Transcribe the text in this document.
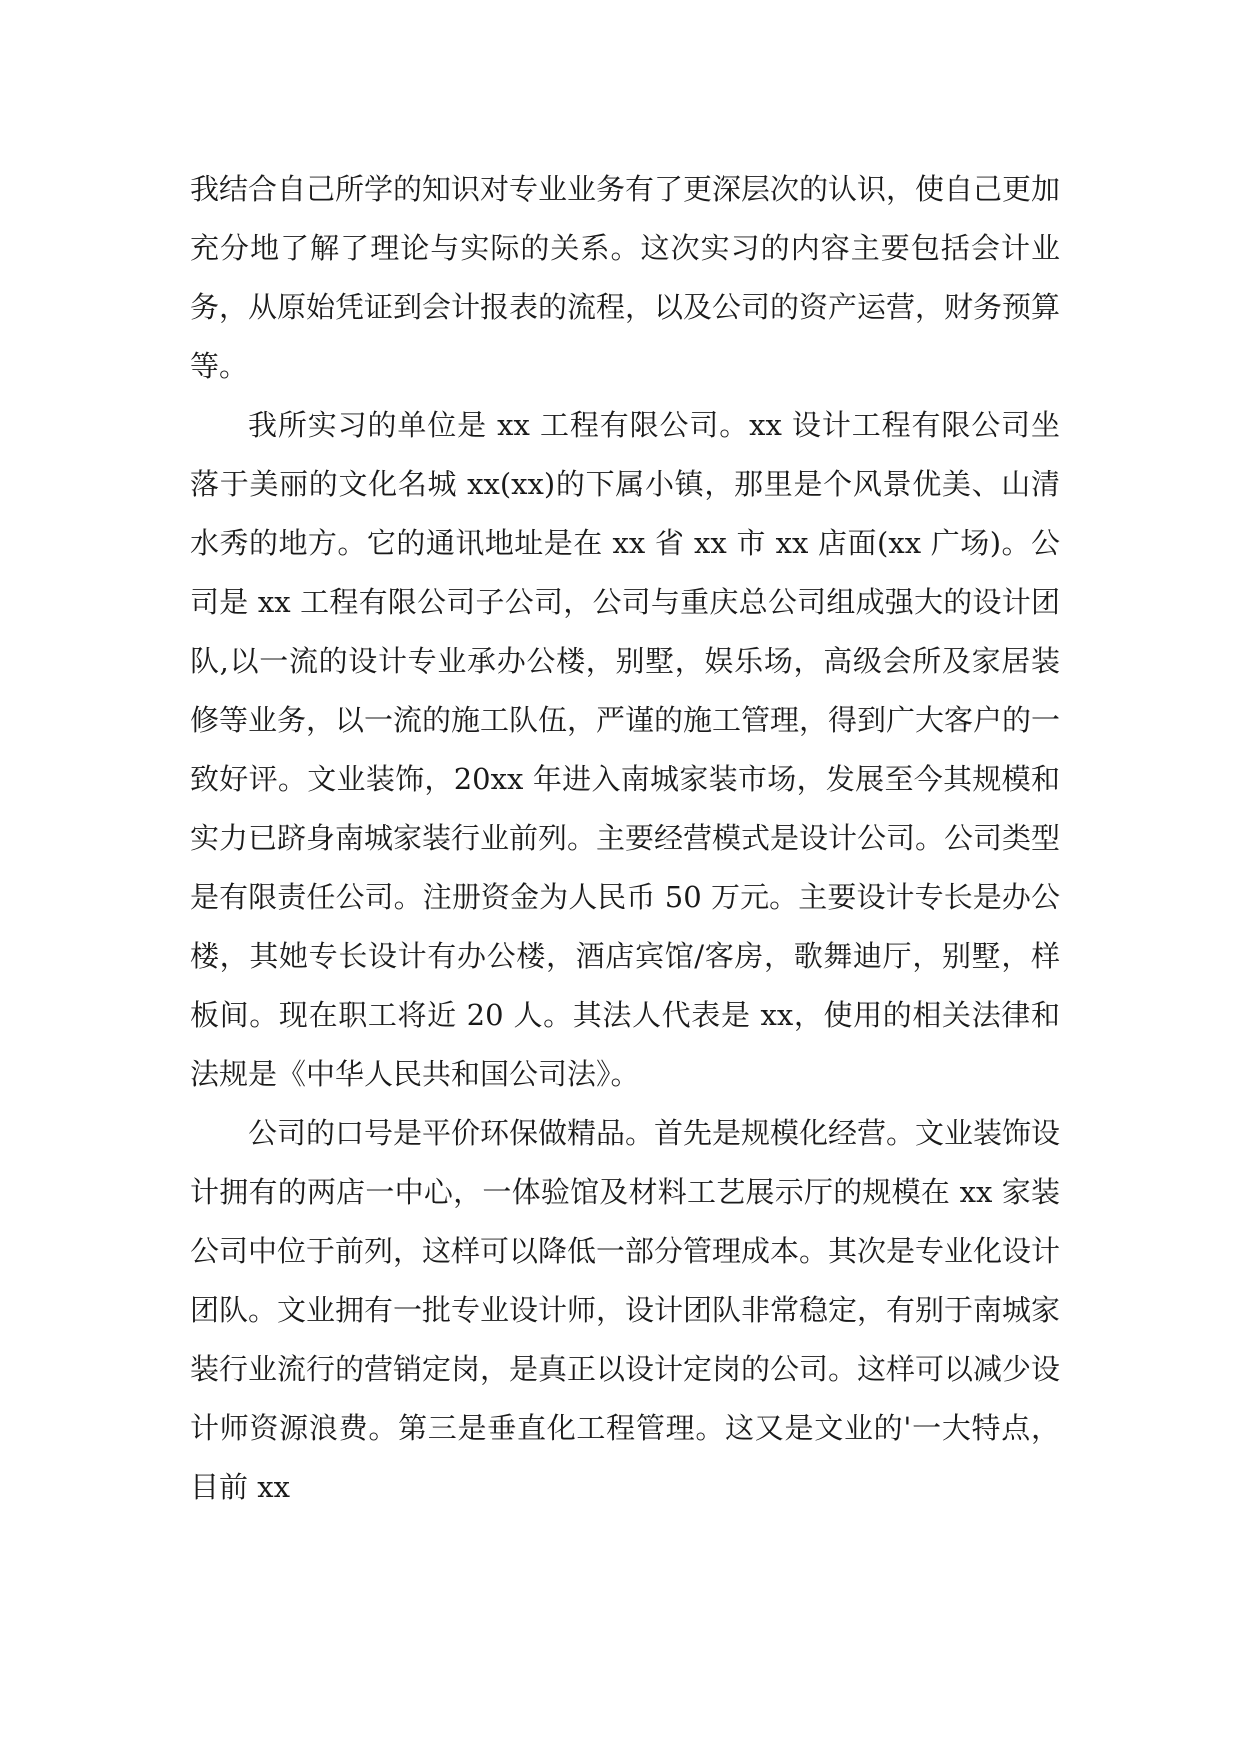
我结合自己所学的知识对专业业务有了更深层次的认识，使自己更加充分地了解了理论与实际的关系。这次实习的内容主要包括会计业务，从原始凭证到会计报表的流程，以及公司的资产运营，财务预算等。

我所实习的单位是 xx 工程有限公司。xx 设计工程有限公司坐落于美丽的文化名城 xx(xx)的下属小镇，那里是个风景优美、山清水秀的地方。它的通讯地址是在 xx 省 xx 市 xx 店面(xx 广场)。公司是 xx 工程有限公司子公司，公司与重庆总公司组成强大的设计团队,以一流的设计专业承办公楼，别墅，娱乐场，高级会所及家居装修等业务，以一流的施工队伍，严谨的施工管理，得到广大客户的一致好评。文业装饰，20xx 年进入南城家装市场，发展至今其规模和实力已跻身南城家装行业前列。主要经营模式是设计公司。公司类型是有限责任公司。注册资金为人民币 50 万元。主要设计专长是办公楼，其她专长设计有办公楼，酒店宾馆/客房，歌舞迪厅，别墅，样板间。现在职工将近 20 人。其法人代表是 xx，使用的相关法律和法规是《中华人民共和国公司法》。

公司的口号是平价环保做精品。首先是规模化经营。文业装饰设计拥有的两店一中心，一体验馆及材料工艺展示厅的规模在 xx 家装公司中位于前列，这样可以降低一部分管理成本。其次是专业化设计团队。文业拥有一批专业设计师，设计团队非常稳定，有别于南城家装行业流行的营销定岗，是真正以设计定岗的公司。这样可以减少设计师资源浪费。第三是垂直化工程管理。这又是文业的'一大特点，目前 xx
